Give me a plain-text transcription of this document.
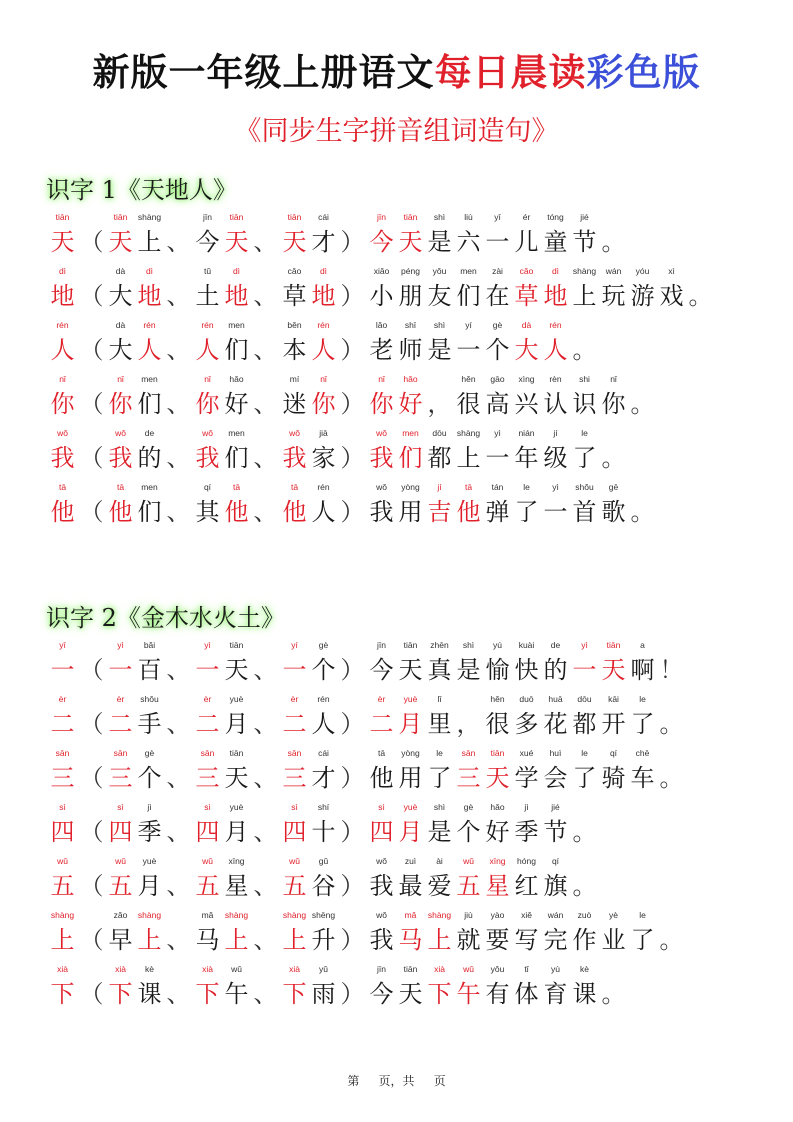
新版一年级上册语文每日晨读彩色版
《同步生字拼音组词造句》
识字 1《天地人》
tiān
天 （
tiān
天
shàng
上 、
jīn
今
tiān
天 、
tiān
天
cái
才 ）
jīn
今
tiān
天
shì
是
liù
六
yī
一
ér
儿
tóng
童
jié
节 。
dì
地 （
dà
大
dì
地 、
tǔ
土
dì
地 、
cǎo
草
dì
地 ）
xiǎo
小
péng
朋
yǒu
友
men
们
zài
在
cǎo
草
dì
地
shàng
上
wán
玩
yóu
游
xì
戏 。
rén
人 （
dà
大
rén
人 、
rén
人
men
们 、
běn
本
rén
人 ）
lǎo
老
shī
师
shì
是
yí
一
gè
个
dà
大
rén
人 。
nǐ
你 （
nǐ
你
men
们 、
nǐ
你
hǎo
好 、
mí
迷
nǐ
你 ）
nǐ
你
hǎo
好 ，
hěn
很
gāo
高
xìng
兴
rèn
认
shi
识
nǐ
你 。
wǒ
我 （
wǒ
我
de
的 、
wǒ
我
men
们 、
wǒ
我
jiā
家 ）
wǒ
我
men
们
dōu
都
shàng
上
yì
一
nián
年
jí
级
le
了 。
tā
他 （
tā
他
men
们 、
qí
其
tā
他 、
tā
他
rén
人 ）
wǒ
我
yòng
用
jí
吉
tā
他
tán
弹
le
了
yì
一
shǒu
首
gē
歌 。
识字 2《金木水火土》
yī
一 （
yì
一
bǎi
百 、
yì
一
tiān
天 、
yí
一
gè
个 ）
jīn
今
tiān
天
zhēn
真
shì
是
yú
愉
kuài
快
de
的
yì
一
tiān
天
a
啊 ！
èr
二 （
èr
二
shǒu
手 、
èr
二
yuè
月 、
èr
二
rén
人 ）
èr
二
yuè
月
lǐ
里 ，
hěn
很
duō
多
huā
花
dōu
都
kāi
开
le
了 。
sān
三 （
sān
三
gè
个 、
sān
三
tiān
天 、
sān
三
cái
才 ）
tā
他
yòng
用
le
了
sān
三
tiān
天
xué
学
huì
会
le
了
qí
骑
chē
车 。
sì
四 （
sì
四
jì
季 、
sì
四
yuè
月 、
sì
四
shí
十 ）
sì
四
yuè
月
shì
是
gè
个
hǎo
好
jì
季
jié
节 。
wǔ
五 （
wǔ
五
yuè
月 、
wǔ
五
xīng
星 、
wǔ
五
gǔ
谷 ）
wǒ
我
zuì
最
ài
爱
wǔ
五
xīng
星
hóng
红
qí
旗 。
shàng
上 （
zǎo
早
shàng
上 、
mǎ
马
shàng
上 、
shàng
上
shēng
升 ）
wǒ
我
mǎ
马
shàng
上
jiù
就
yào
要
xiě
写
wán
完
zuò
作
yè
业
le
了 。
xià
下 （
xià
下
kè
课 、
xià
下
wǔ
午 、
xià
下
yǔ
雨 ）
jīn
今
tiān
天
xià
下
wǔ
午
yǒu
有
tǐ
体
yù
育
kè
课 。
第     页，共     页
